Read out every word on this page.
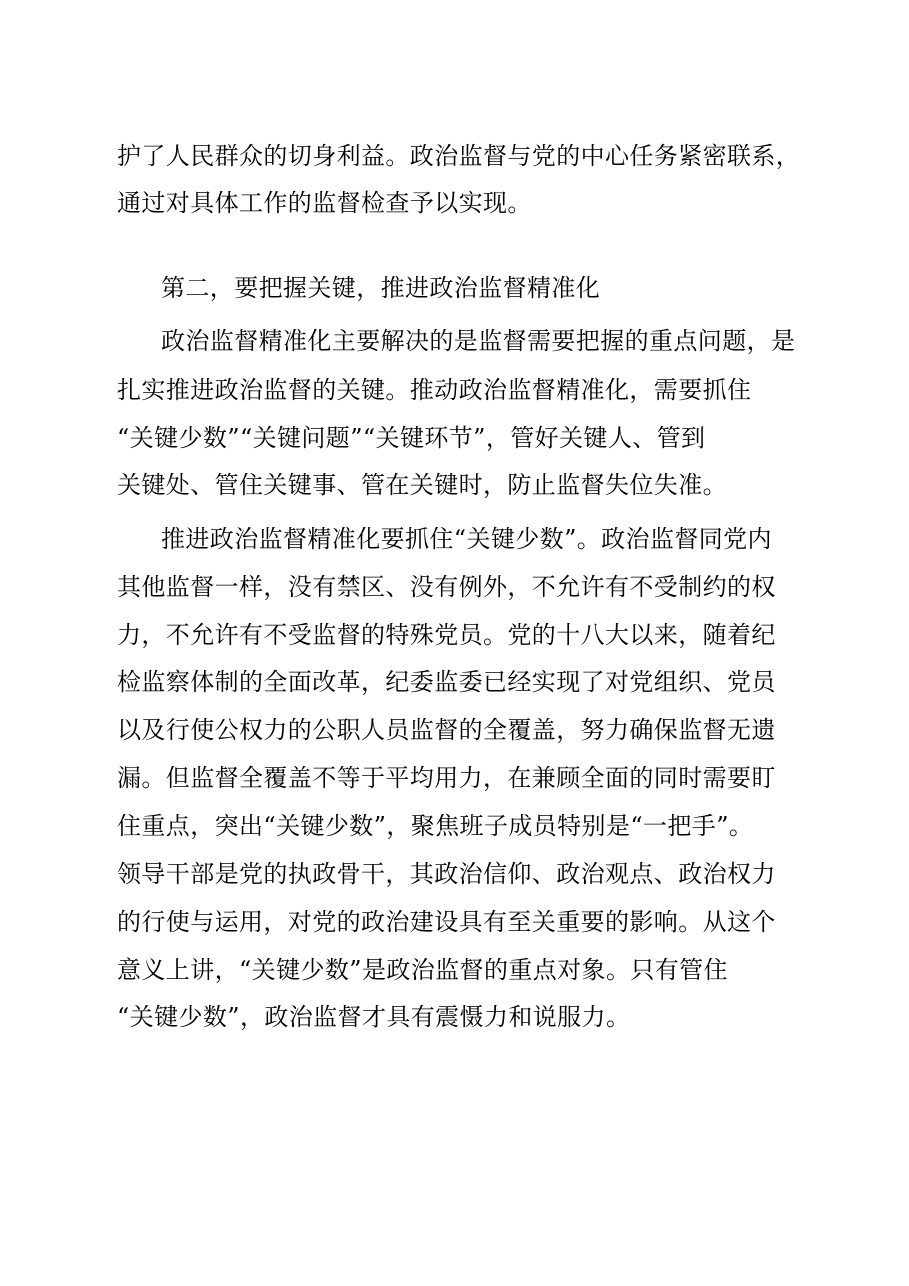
护了人民群众的切身利益。政治监督与党的中心任务紧密联系，
通过对具体工作的监督检查予以实现。
第二，要把握关键，推进政治监督精准化
政治监督精准化主要解决的是监督需要把握的重点问题，是
扎实推进政治监督的关键。推动政治监督精准化，需要抓住
“关键少数”“关键问题”“关键环节”，管好关键人、管到
关键处、管住关键事、管在关键时，防止监督失位失准。
推进政治监督精准化要抓住“关键少数”。政治监督同党内
其他监督一样，没有禁区、没有例外，不允许有不受制约的权
力，不允许有不受监督的特殊党员。党的十八大以来，随着纪
检监察体制的全面改革，纪委监委已经实现了对党组织、党员
以及行使公权力的公职人员监督的全覆盖，努力确保监督无遗
漏。但监督全覆盖不等于平均用力，在兼顾全面的同时需要盯
住重点，突出“关键少数”，聚焦班子成员特别是“一把手”。
领导干部是党的执政骨干，其政治信仰、政治观点、政治权力
的行使与运用，对党的政治建设具有至关重要的影响。从这个
意义上讲，“关键少数”是政治监督的重点对象。只有管住
“关键少数”，政治监督才具有震慑力和说服力。
